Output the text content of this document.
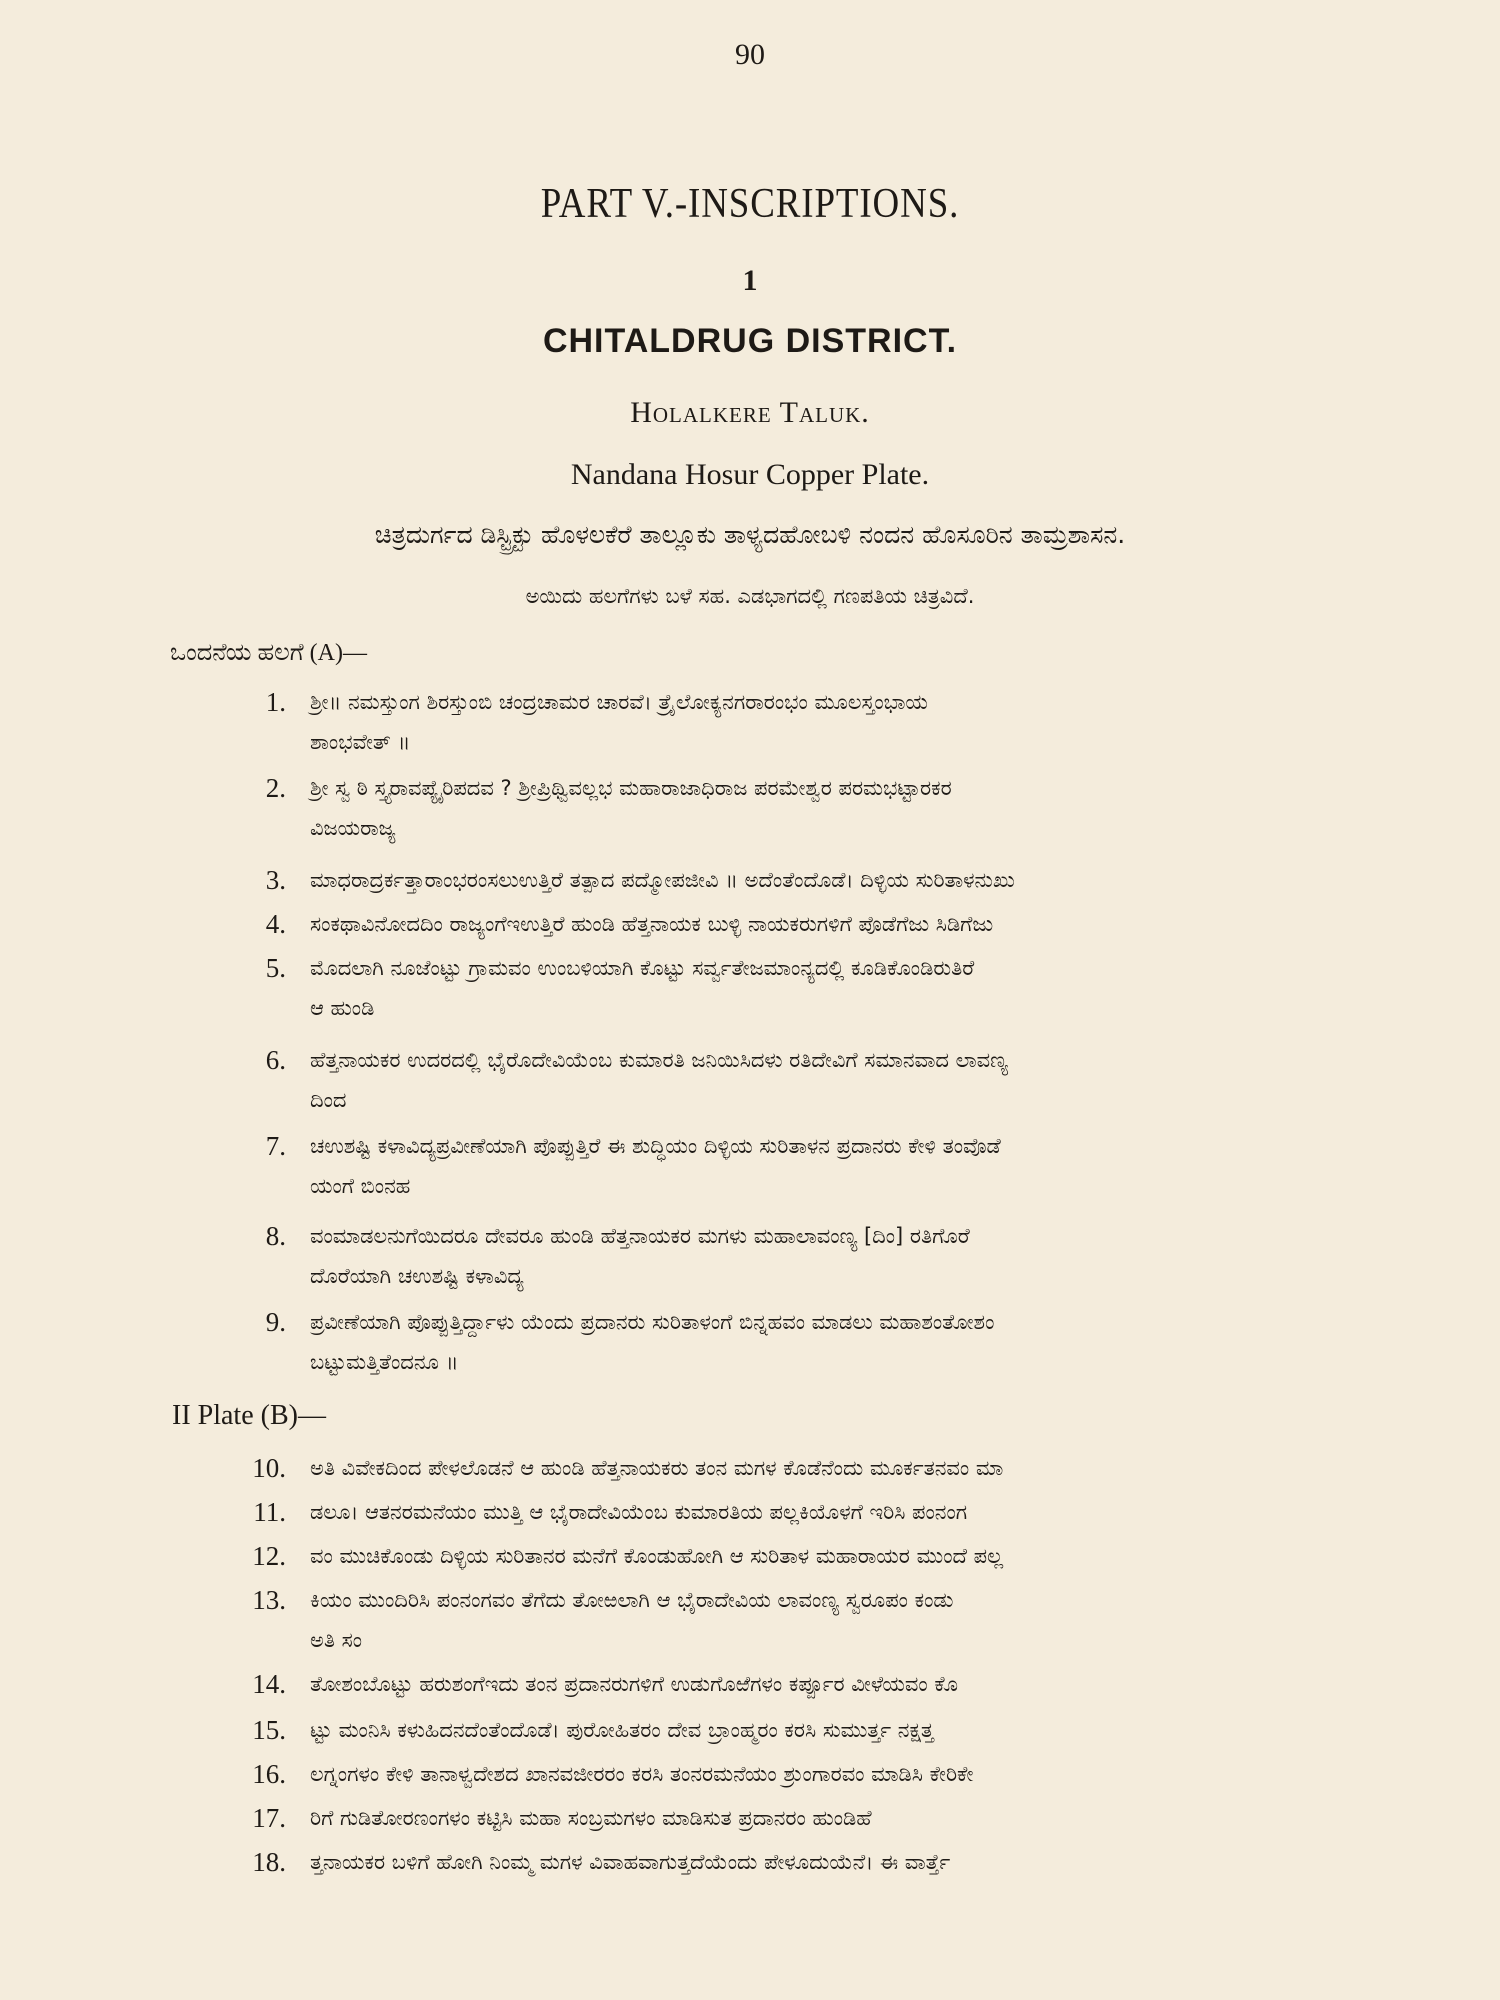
90
PART V.-INSCRIPTIONS.
1
CHITALDRUG DISTRICT.
Holalkere Taluk.
Nandana Hosur Copper Plate.
ಚಿತ್ರದುರ್ಗದ ಡಿಸ್ಟ್ರಿಕ್ಟು ಹೊಳಲಕೆರೆ ತಾಲ್ಲೂಕು ತಾಳ್ಯದಹೋಬಳಿ ನಂದನ ಹೊಸೂರಿನ ತಾಮ್ರಶಾಸನ.
ಅಯಿದು ಹಲಗೆಗಳು ಬಳೆ ಸಹ. ಎಡಭಾಗದಲ್ಲಿ ಗಣಪತಿಯ ಚಿತ್ರವಿದೆ.
ಒಂದನೆಯ ಹಲಗೆ (A)—
1. ಶ್ರೀ॥ ನಮಸ್ತುಂಗ ಶಿರಸ್ತುಂಬಿ ಚಂದ್ರಚಾಮರ ಚಾರವೆ। ತ್ರೈಲೋಕ್ಯನಗರಾರಂಭಂ ಮೂಲಸ್ತಂಭಾಯ
ಶಾಂಭವೇತ್ ॥
2. ಶ್ರೀ ಸ್ವ ಠಿ ಸ್ತ್ಯರಾವಪ್ಯೈರಿಪದವ ? ಶ್ರೀಪ್ರಿಥ್ವಿವಲ್ಲಭ ಮಹಾರಾಜಾಧಿರಾಜ ಪರಮೇಶ್ವರ ಪರಮಭಟ್ಟಾರಕರ
ವಿಜಯರಾಜ್ಯ
3. ಮಾಧರಾದ್ರರ್ಕತ್ತಾರಾಂಭರಂಸಲುಉತ್ತಿರೆ ತತ್ಪಾದ ಪದ್ಮೋಪಜೀವಿ ॥ ಅದೆಂತೆಂದೊಡೆ। ದಿಳ್ಳಿಯ ಸುರಿತಾಳನುಖು
4. ಸಂಕಥಾವಿನೋದದಿಂ ರಾಜ್ಯಂಗೆಇಉತ್ತಿರೆ ಹುಂಡಿ ಹೆತ್ತನಾಯಕ ಬುಳ್ಳಿ ನಾಯಕರುಗಳಿಗೆ ಪೊಡೆಗೆಜು ಸಿಡಿಗೆಜು
5. ಮೊದಲಾಗಿ ನೂಜೆಂಟ್ಟು ಗ್ರಾಮವಂ ಉಂಬಳಿಯಾಗಿ ಕೊಟ್ಟು ಸರ್ವ್ವತೇಜಮಾಂನ್ಯದಲ್ಲಿ ಕೂಡಿಕೊಂಡಿರುತಿರೆ
ಆ ಹುಂಡಿ
6. ಹೆತ್ತನಾಯಕರ ಉದರದಲ್ಲಿ ಭೈರೊದೇವಿಯೆಂಬ ಕುಮಾರತಿ ಜನಿಯಿಸಿದಳು ರತಿದೇವಿಗೆ ಸಮಾನವಾದ ಲಾವಣ್ಯ
ದಿಂದ
7. ಚಉಶಷ್ಟಿ ಕಳಾವಿದ್ಯಪ್ರವೀಣೆಯಾಗಿ ಪೊಪ್ಪುತ್ತಿರೆ ಈ ಶುದ್ಧಿಯಂ ದಿಳ್ಳಿಯ ಸುರಿತಾಳನ ಪ್ರದಾನರು ಕೇಳಿ ತಂವೊಡೆ
ಯಂಗೆ ಬಿಂನಹ
8. ವಂಮಾಡಲನುಗೆಯಿದರೂ ದೇವರೂ ಹುಂಡಿ ಹೆತ್ತನಾಯಕರ ಮಗಳು ಮಹಾಲಾವಂಣ್ಯ [ದಿಂ] ರತಿಗೊರೆ
ದೊರೆಯಾಗಿ ಚಉಶಷ್ಟಿ ಕಳಾವಿದ್ಯ
9. ಪ್ರವೀಣೆಯಾಗಿ ಪೊಪ್ಪುತ್ತಿರ್ದ್ದಾಳು ಯೆಂದು ಪ್ರದಾನರು ಸುರಿತಾಳಂಗೆ ಬಿನ್ನಹವಂ ಮಾಡಲು ಮಹಾಶಂತೋಶಂ
ಬಟ್ಟುಮತ್ತಿತೆಂದನೂ ॥
II Plate (B)—
10. ಅತಿ ವಿವೇಕದಿಂದ ಪೇಳಲೊಡನೆ ಆ ಹುಂಡಿ ಹೆತ್ತನಾಯಕರು ತಂನ ಮಗಳ ಕೊಡೆನೆಂದು ಮೂರ್ಕತನವಂ ಮಾ
11. ಡಲೂ। ಆತನರಮನೆಯಂ ಮುತ್ತಿ ಆ ಭೈರಾದೇವಿಯೆಂಬ ಕುಮಾರತಿಯ ಪಲ್ಲಕಿಯೊಳಗೆ ಇರಿಸಿ ಪಂನಂಗ
12. ವಂ ಮುಚಿಕೊಂಡು ದಿಳ್ಳಿಯ ಸುರಿತಾನರ ಮನೆಗೆ ಕೊಂಡುಹೋಗಿ ಆ ಸುರಿತಾಳ ಮಹಾರಾಯರ ಮುಂದೆ ಪಲ್ಲ
13. ಕಿಯಂ ಮುಂದಿರಿಸಿ ಪಂನಂಗವಂ ತೆಗೆದು ತೋಱಲಾಗಿ ಆ ಭೈರಾದೇವಿಯ ಲಾವಂಣ್ಯ ಸ್ವರೂಪಂ ಕಂಡು
ಅತಿ ಸಂ
14. ತೋಶಂಬೊಟ್ಟು ಹರುಶಂಗೆಇದು ತಂನ ಪ್ರದಾನರುಗಳಿಗೆ ಉಡುಗೊಱೆಗಳಂ ಕರ್ಪ್ಪೂರ ವೀಳೆಯವಂ ಕೊ
15. ಟ್ಟು ಮಂನಿಸಿ ಕಳುಹಿದನದೆಂತೆಂದೊಡೆ। ಪುರೋಹಿತರಂ ದೇವ ಬ್ರಾಂಹ್ಮರಂ ಕರಸಿ ಸುಮುರ್ತ್ತ ನಕ್ಷತ್ತ
16. ಲಗ್ನಂಗಳಂ ಕೇಳಿ ತಾನಾಳ್ವದೇಶದ ಖಾನವಜೀರರಂ ಕರಸಿ ತಂನರಮನೆಯಂ ಶ್ರುಂಗಾರವಂ ಮಾಡಿಸಿ ಕೇರಿಕೇ
17. ರಿಗೆ ಗುಡಿತೋರಣಂಗಳಂ ಕಟ್ಟಿಸಿ ಮಹಾ ಸಂಬ್ರಮಗಳಂ ಮಾಡಿಸುತ ಪ್ರದಾನರಂ ಹುಂಡಿಹೆ
18. ತ್ತನಾಯಕರ ಬಳಿಗೆ ಹೋಗಿ ನಿಂಮ್ಮ ಮಗಳ ವಿವಾಹವಾಗುತ್ತದೆಯೆಂದು ಪೇಳೂದುಯೆನೆ। ಈ ವಾರ್ತ್ತೆ
